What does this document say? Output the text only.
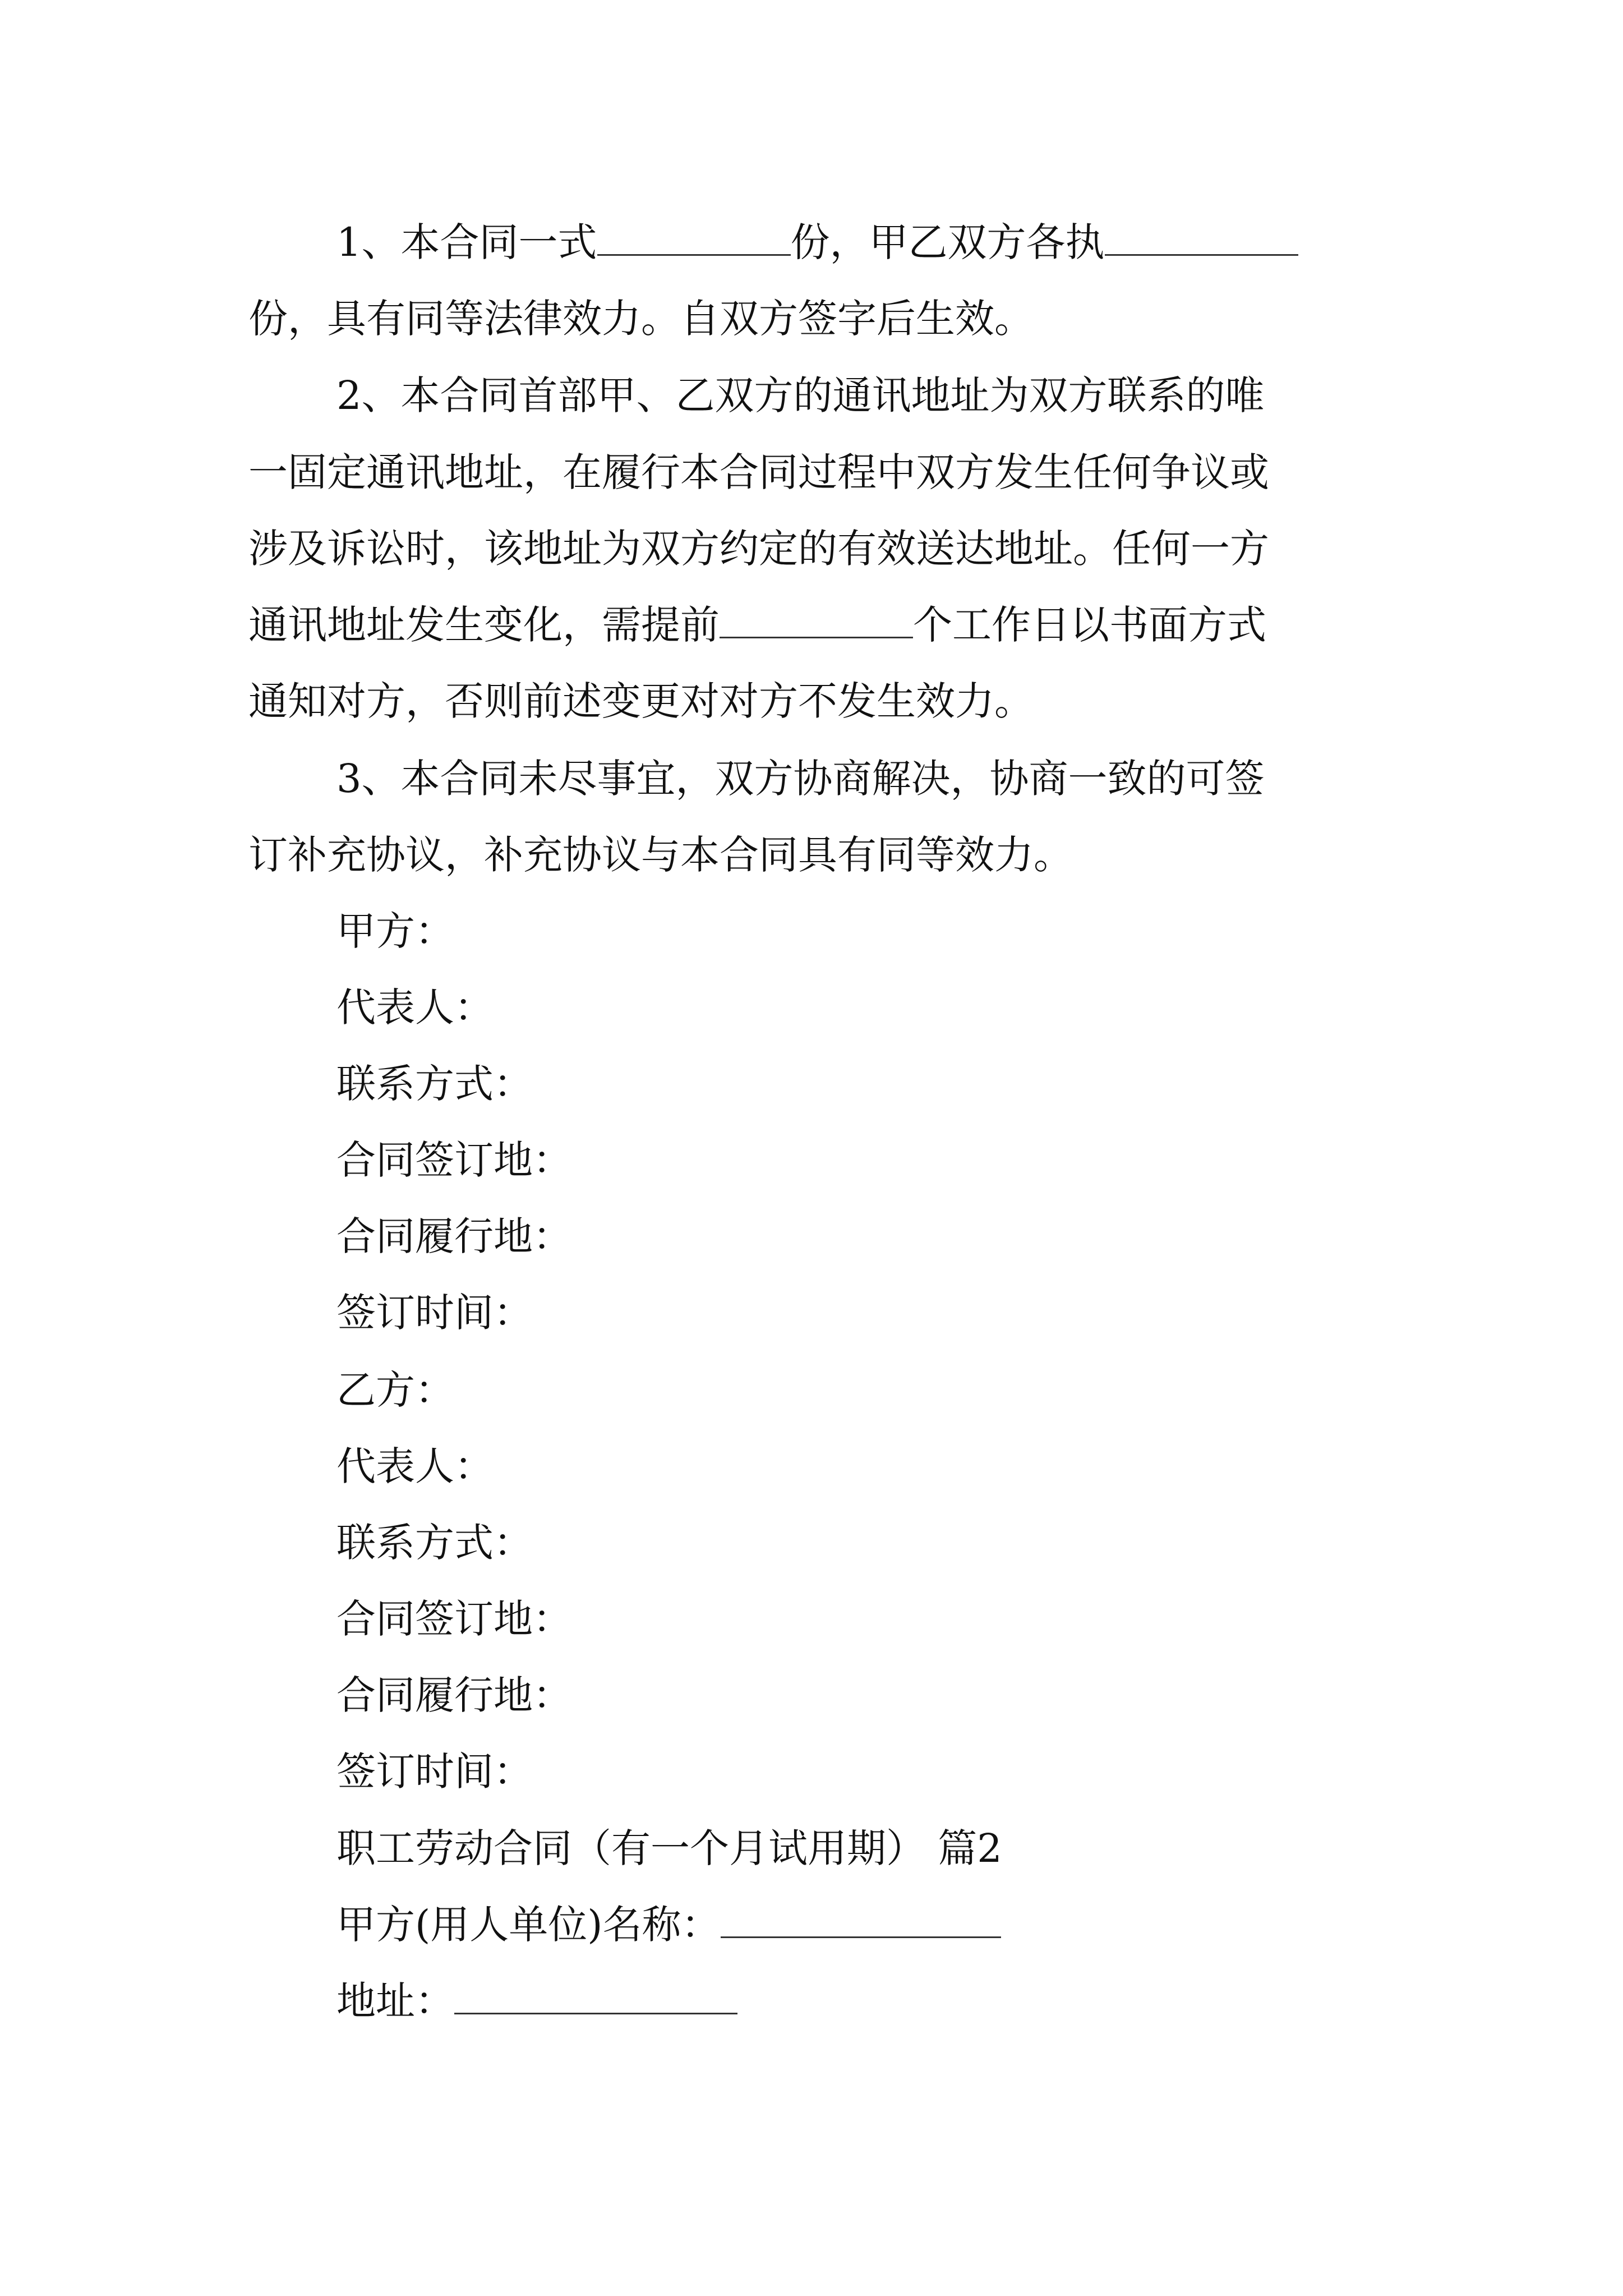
1、本合同一式	份，甲乙双方各执
份，具有同等法律效力。自双方签字后生效。
2、本合同首部甲、乙双方的通讯地址为双方联系的唯
一固定通讯地址，在履行本合同过程中双方发生任何争议或
涉及诉讼时，该地址为双方约定的有效送达地址。任何一方
通讯地址发生变化，需提前	个工作日以书面方式
通知对方，否则前述变更对对方不发生效力。
3、本合同未尽事宜，双方协商解决，协商一致的可签
订补充协议，补充协议与本合同具有同等效力。
甲方：
代表人：
联系方式：
合同签订地：
合同履行地：
签订时间：
乙方：
代表人：
联系方式：
合同签订地：
合同履行地：
签订时间：
职工劳动合同（有一个月试用期） 篇2
甲方(用人单位)名称：
地址：
